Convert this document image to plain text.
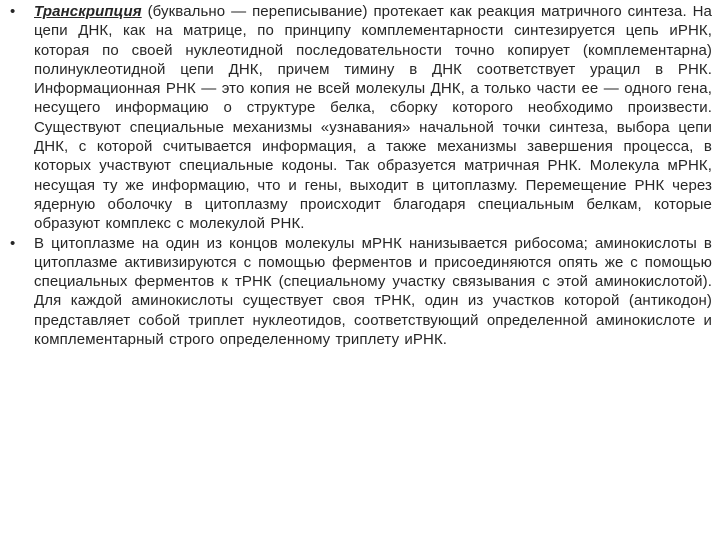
• Транскрипция (буквально — переписывание) протекает как реакция матричного синтеза. На цепи ДНК, как на матрице, по принципу комплементарности синтезируется цепь иРНК, которая по своей нуклеотидной последовательности точно копирует (комплементарна) полинуклеотидной цепи ДНК, причем тимину в ДНК соответствует урацил в РНК. Информационная РНК — это копия не всей молекулы ДНК, а только части ее — одного гена, несущего информацию о структуре белка, сборку которого необходимо произвести. Существуют специальные механизмы «узнавания» начальной точки синтеза, выбора цепи ДНК, с которой считывается информация, а также механизмы завершения процесса, в которых участвуют специальные кодоны. Так образуется матричная РНК. Молекула мРНК, несущая ту же информацию, что и гены, выходит в цитоплазму. Перемещение РНК через ядерную оболочку в цитоплазму происходит благодаря специальным белкам, которые образуют комплекс с молекулой РНК.

• В цитоплазме на один из концов молекулы мРНК нанизывается рибосома; аминокислоты в цитоплазме активизируются с помощью ферментов и присоединяются опять же с помощью специальных ферментов к тРНК (специальному участку связывания с этой аминокислотой). Для каждой аминокислоты существует своя тРНК, один из участков которой (антикодон) представляет собой триплет нуклеотидов, соответствующий определенной аминокислоте и комплементарный строго определенному триплету иРНК.
